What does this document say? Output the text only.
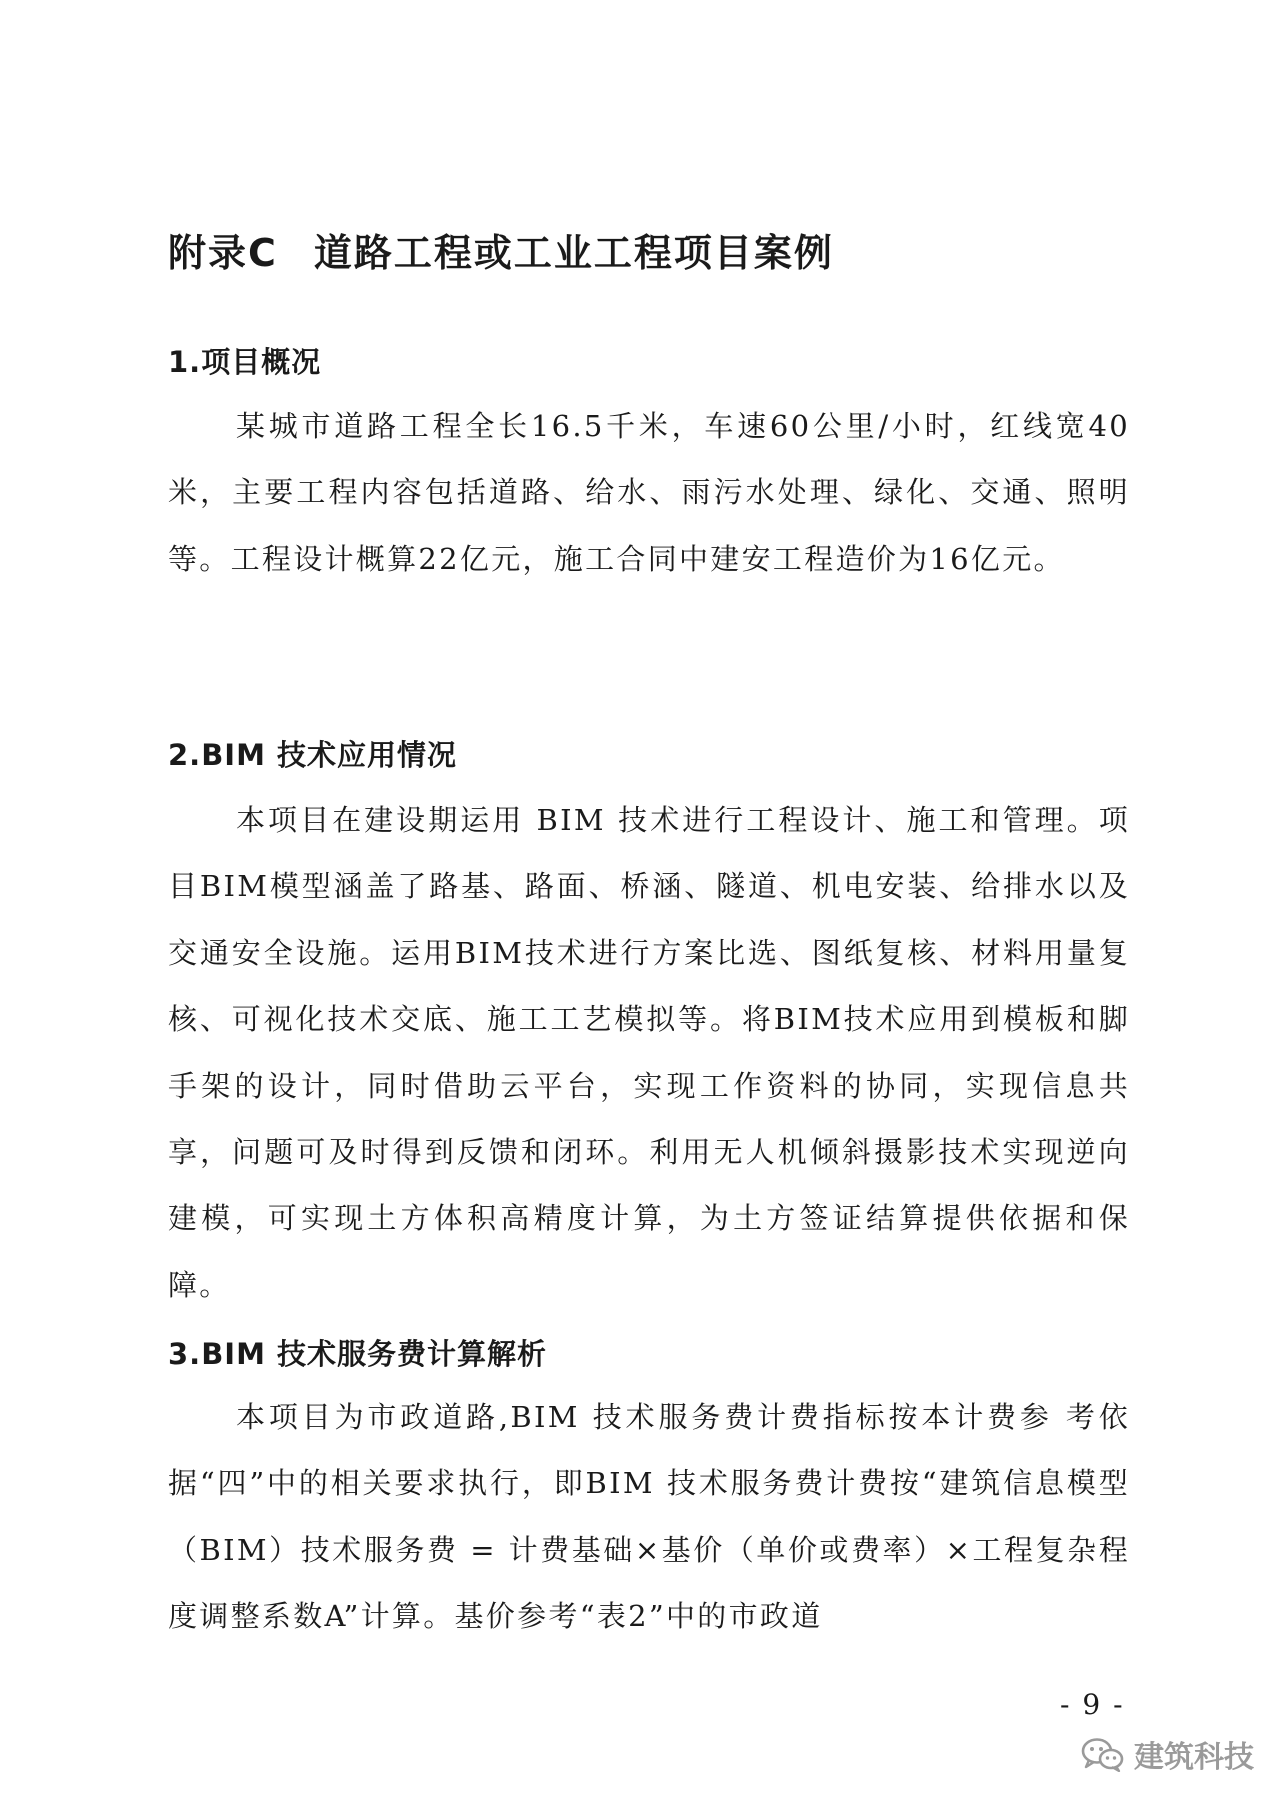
附录C 道路工程或工业工程项目案例
1.项目概况

某城市道路工程全长16.5千米，车速60公里/小时，红线宽40米，主要工程内容包括道路、给水、雨污水处理、绿化、交通、照明等。工程设计概算22亿元，施工合同中建安工程造价为16亿元。

2.BIM 技术应用情况

本项目在建设期运用 BIM 技术进行工程设计、施工和管理。项目BIM模型涵盖了路基、路面、桥涵、隧道、机电安装、给排水以及交通安全设施。运用BIM技术进行方案比选、图纸复核、材料用量复核、可视化技术交底、施工工艺模拟等。将BIM技术应用到模板和脚手架的设计，同时借助云平台，实现工作资料的协同，实现信息共享，问题可及时得到反馈和闭环。利用无人机倾斜摄影技术实现逆向建模，可实现土方体积高精度计算，为土方签证结算提供依据和保障。

3.BIM 技术服务费计算解析

本项目为市政道路,BIM 技术服务费计费指标按本计费参 考依据“四”中的相关要求执行，即BIM 技术服务费计费按“建筑信息模型（BIM）技术服务费 = 计费基础×基价（单价或费率）×工程复杂程度调整系数A”计算。基价参考“表2”中的市政道

- 9 -
建筑科技
